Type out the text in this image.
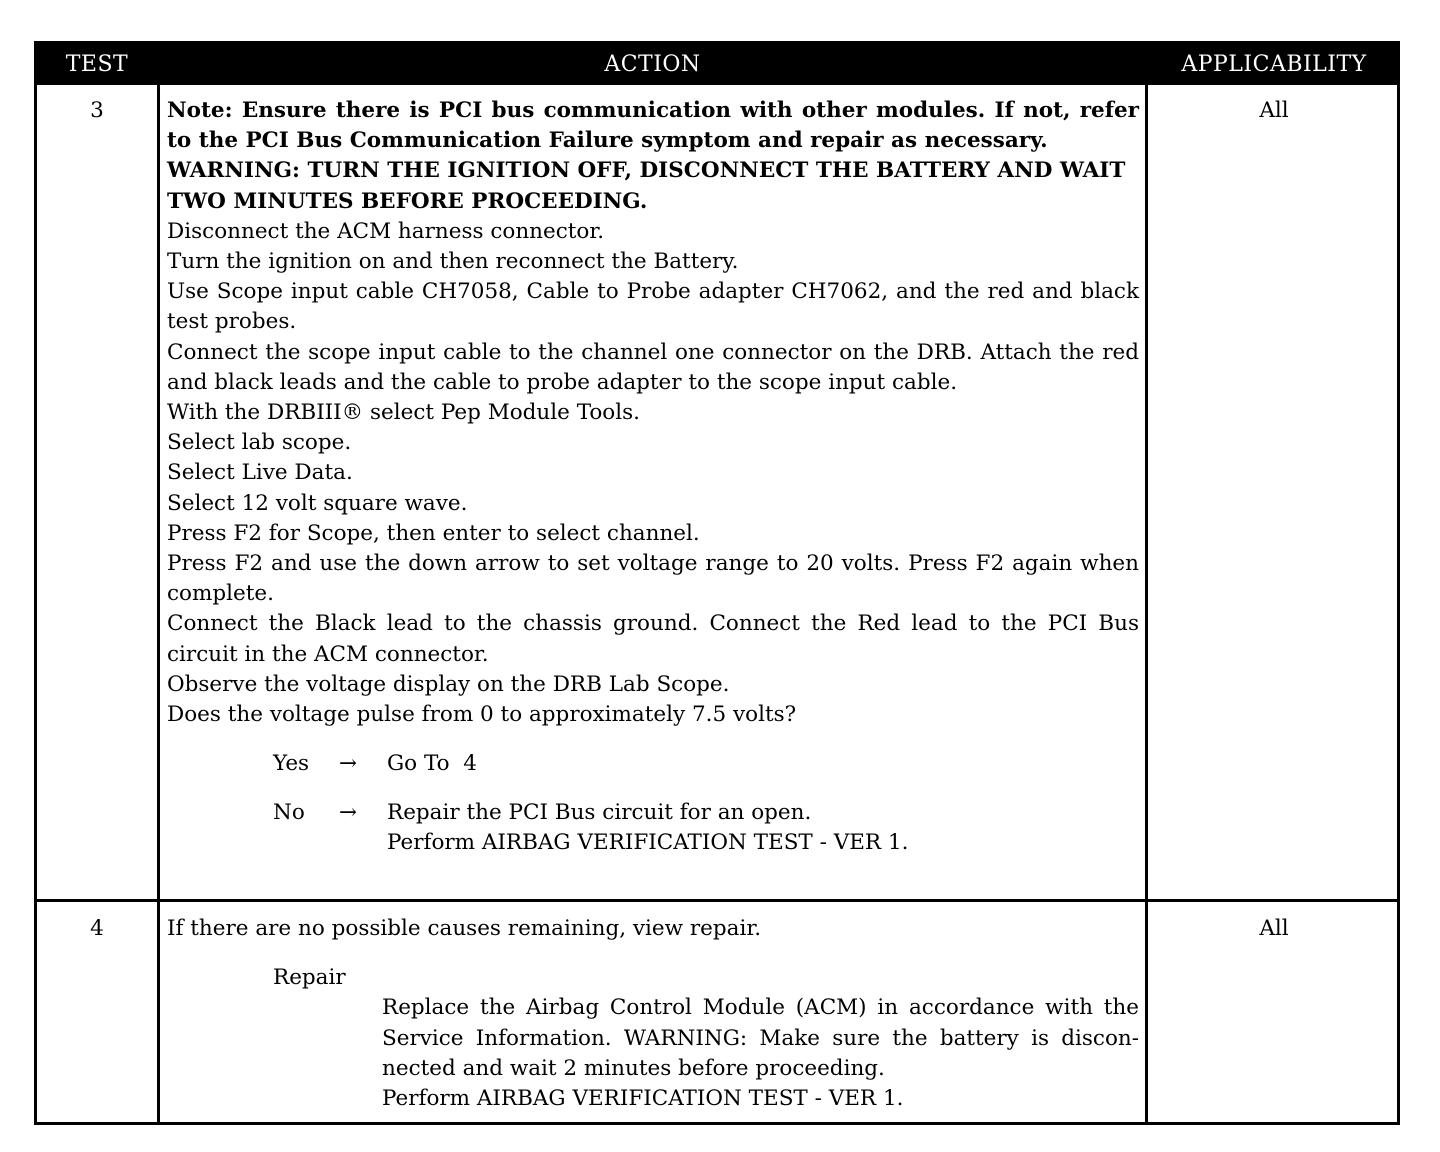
TEST	ACTION	APPLICABILITY
3	Note: Ensure there is PCI bus communication with other modules. If not, refer to the PCI Bus Communication Failure symptom and repair as necessary.
WARNING: TURN THE IGNITION OFF, DISCONNECT THE BATTERY AND WAIT TWO MINUTES BEFORE PROCEEDING.
Disconnect the ACM harness connector.
Turn the ignition on and then reconnect the Battery.
Use Scope input cable CH7058, Cable to Probe adapter CH7062, and the red and black test probes.
Connect the scope input cable to the channel one connector on the DRB. Attach the red and black leads and the cable to probe adapter to the scope input cable.
With the DRBIII® select Pep Module Tools.
Select lab scope.
Select Live Data.
Select 12 volt square wave.
Press F2 for Scope, then enter to select channel.
Press F2 and use the down arrow to set voltage range to 20 volts. Press F2 again when complete.
Connect the Black lead to the chassis ground. Connect the Red lead to the PCI Bus circuit in the ACM connector.
Observe the voltage display on the DRB Lab Scope.
Does the voltage pulse from 0 to approximately 7.5 volts?
Yes → Go To  4
No → Repair the PCI Bus circuit for an open.
Perform AIRBAG VERIFICATION TEST - VER 1.
All
4	If there are no possible causes remaining, view repair.
Repair
Replace the Airbag Control Module (ACM) in accordance with the Service Information. WARNING: Make sure the battery is discon-nected and wait 2 minutes before proceeding.
Perform AIRBAG VERIFICATION TEST - VER 1.
All
